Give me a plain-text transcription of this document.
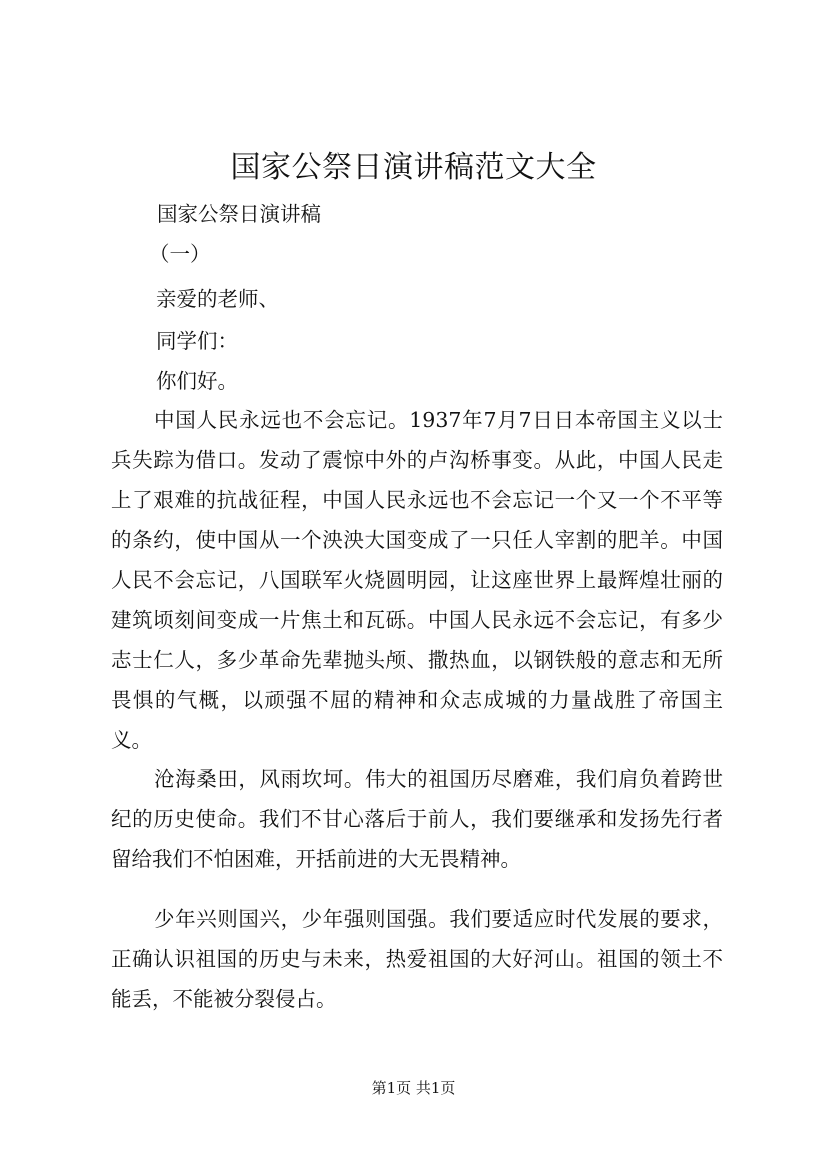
国家公祭日演讲稿范文大全
国家公祭日演讲稿
（一）
亲爱的老师、
同学们：
你们好。

中国人民永远也不会忘记。1937年7月7日日本帝国主义以士兵失踪为借口。发动了震惊中外的卢沟桥事变。从此，中国人民走上了艰难的抗战征程，中国人民永远也不会忘记一个又一个不平等的条约，使中国从一个泱泱大国变成了一只任人宰割的肥羊。中国人民不会忘记，八国联军火烧圆明园，让这座世界上最辉煌壮丽的建筑顷刻间变成一片焦土和瓦砾。中国人民永远不会忘记，有多少志士仁人，多少革命先辈抛头颅、撒热血，以钢铁般的意志和无所畏惧的气概，以顽强不屈的精神和众志成城的力量战胜了帝国主义。

沧海桑田，风雨坎坷。伟大的祖国历尽磨难，我们肩负着跨世纪的历史使命。我们不甘心落后于前人，我们要继承和发扬先行者留给我们不怕困难，开括前进的大无畏精神。

少年兴则国兴，少年强则国强。我们要适应时代发展的要求，正确认识祖国的历史与未来，热爱祖国的大好河山。祖国的领土不能丢，不能被分裂侵占。

第1页 共1页
